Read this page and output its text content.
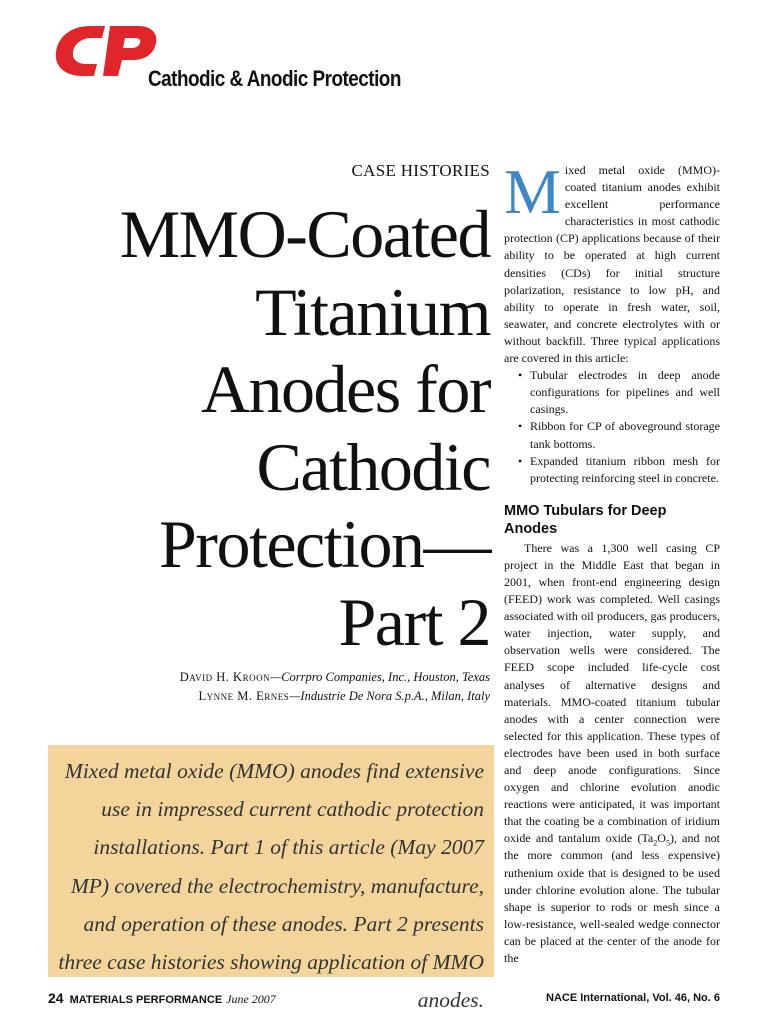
Cathodic & Anodic Protection
CASE HISTORIES
MMO-Coated
Titanium
Anodes for
Cathodic
Protection—
Part 2
David H. Kroon—Corrpro Companies, Inc., Houston, Texas
Lynne M. Ernes—Industrie De Nora S.p.A., Milan, Italy

Mixed metal oxide (MMO) anodes find extensive use in impressed current cathodic protection installations. Part 1 of this article (May 2007 MP) covered the electrochemistry, manufacture, and operation of these anodes. Part 2 presents three case histories showing application of MMO anodes.

Mixed metal oxide (MMO)-coated titanium anodes exhibit excellent performance characteristics in most cathodic protection (CP) applications because of their ability to be operated at high current densities (CDs) for initial structure polarization, resistance to low pH, and ability to operate in fresh water, soil, seawater, and concrete electrolytes with or without backfill. Three typical applications are covered in this article:

• Tubular electrodes in deep anode configurations for pipelines and well casings.
• Ribbon for CP of aboveground storage tank bottoms.
• Expanded titanium ribbon mesh for protecting reinforcing steel in concrete.
MMO Tubulars for Deep Anodes

There was a 1,300 well casing CP project in the Middle East that began in 2001, when front-end engineering design (FEED) work was completed. Well casings associated with oil producers, gas producers, water injection, water supply, and observation wells were considered. The FEED scope included life-cycle cost analyses of alternative designs and materials. MMO-coated titanium tubular anodes with a center connection were selected for this application. These types of electrodes have been used in both surface and deep anode configurations. Since oxygen and chlorine evolution anodic reactions were anticipated, it was important that the coating be a combination of iridium oxide and tantalum oxide $(Ta_2O_5)$, and not the more common (and less expensive) ruthenium oxide that is designed to be used under chlorine evolution alone. The tubular shape is superior to rods or mesh since a low-resistance, well-sealed wedge connector can be placed at the center of the anode for the

24 MATERIALS PERFORMANCE June 2007	NACE International, Vol. 46, No. 6
